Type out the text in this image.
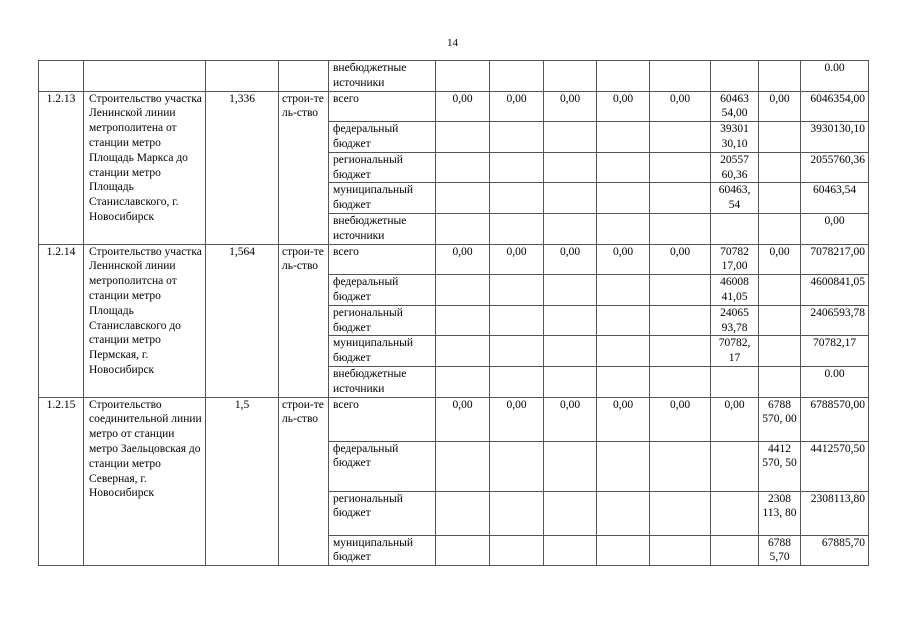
14
				внебюджетные источники								0.00
1.2.13	Строительство участка Ленинской линии метрополитена от станции метро Площадь Маркса до станции метро Площадь Станиславского, г. Новосибирск	1,336	строи-тель-ство	всего	0,00	0,00	0,00	0,00	0,00	60463 54,00	0,00	6046354,00
				федеральный бюджет						39301 30,10		3930130,10
				региональный бюджет						20557 60,36		2055760,36
				муниципальный бюджет						60463, 54		60463,54
				внебюджетные источники								0,00
1.2.14	Строительство участка Ленинской линии метрополитсна от станции метро Площадь Станиславского до станции метро Пермская, г. Новосибирск	1,564	строи-тель-ство	всего	0,00	0,00	0,00	0,00	0,00	70782 17,00	0,00	7078217,00
				федеральный бюджет						46008 41,05		4600841,05
				региональный бюджет						24065 93,78		2406593,78
				муниципальный бюджет						70782, 17		70782,17
				внебюджетные источники								0.00
1.2.15	Строительство соединительной линии метро от станции метро Заельцовская до станции метро Северная, г. Новосибирск	1,5	строи-тель-ство	всего	0,00	0,00	0,00	0,00	0,00	0,00	6788 570, 00	6788570,00
				федеральный бюджет							4412 570, 50	4412570,50
				региональный бюджет							2308 113, 80	2308113,80
				муниципальный бюджет							6788 5,70	67885,70
